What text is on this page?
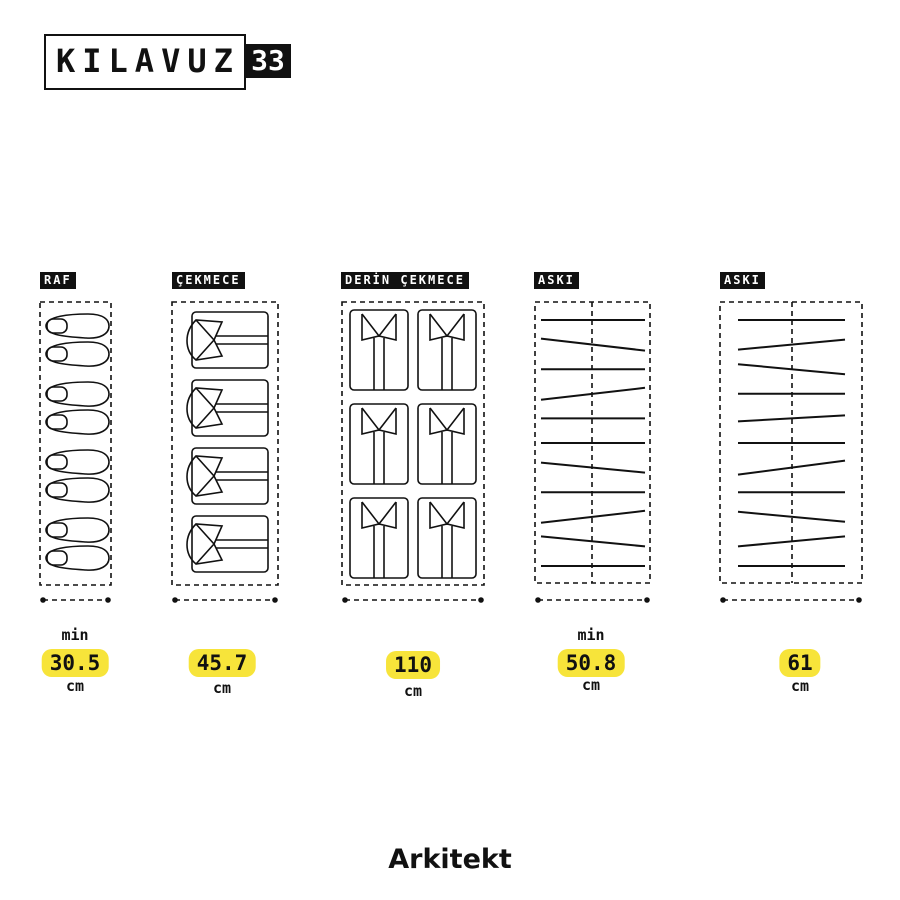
KILAVUZ 33
RAF	ÇEKMECE	DERİN ÇEKMECE	ASKI	ASKI
min
30.5
cm
45.7
cm
110
cm
min
50.8
cm
61
cm
Arkitekt
